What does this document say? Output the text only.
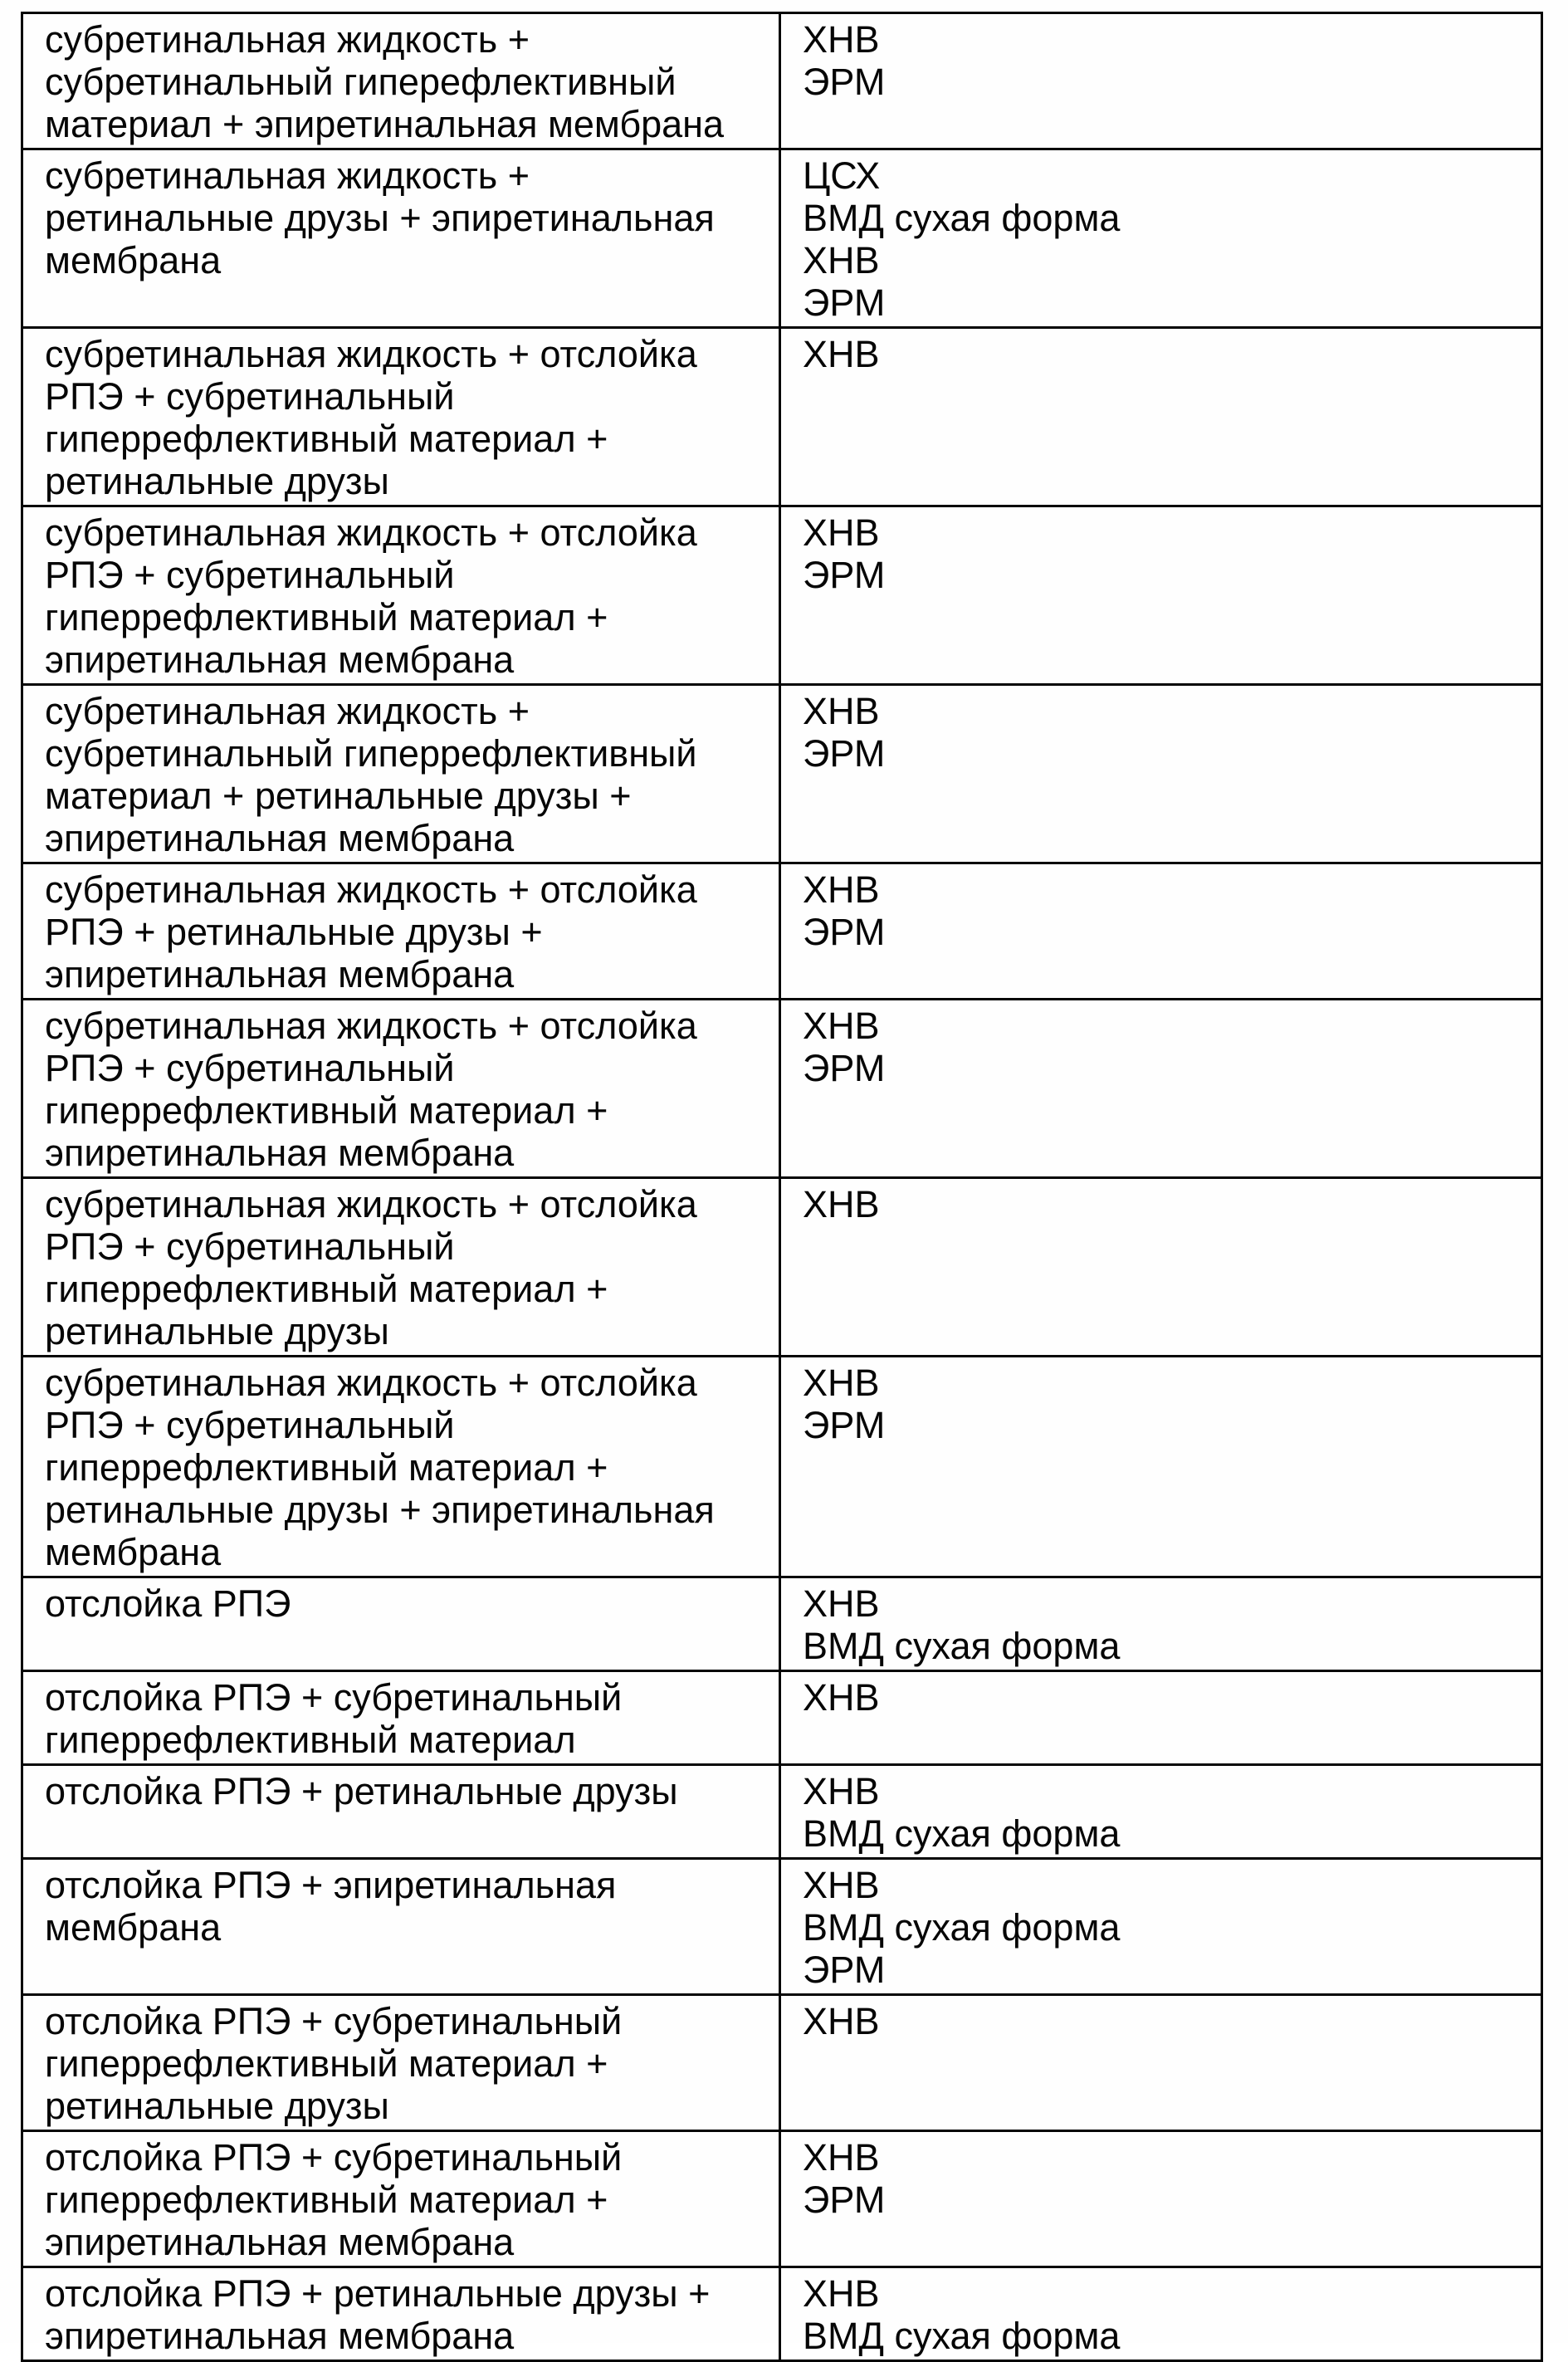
субретинальная жидкость +
субретинальный гиперефлективный
материал + эпиретинальная мембрана	ХНВ
ЭРМ
субретинальная жидкость +
ретинальные друзы + эпиретинальная
мембрана	ЦСХ
ВМД сухая форма
ХНВ
ЭРМ
субретинальная жидкость + отслойка
РПЭ + субретинальный
гиперрефлективный материал +
ретинальные друзы	ХНВ
субретинальная жидкость + отслойка
РПЭ + субретинальный
гиперрефлективный материал +
эпиретинальная мембрана	ХНВ
ЭРМ
субретинальная жидкость +
субретинальный гиперрефлективный
материал + ретинальные друзы +
эпиретинальная мембрана	ХНВ
ЭРМ
субретинальная жидкость + отслойка
РПЭ + ретинальные друзы +
эпиретинальная мембрана	ХНВ
ЭРМ
субретинальная жидкость + отслойка
РПЭ + субретинальный
гиперрефлективный материал +
эпиретинальная мембрана	ХНВ
ЭРМ
субретинальная жидкость + отслойка
РПЭ + субретинальный
гиперрефлективный материал +
ретинальные друзы	ХНВ
субретинальная жидкость + отслойка
РПЭ + субретинальный
гиперрефлективный материал +
ретинальные друзы + эпиретинальная
мембрана	ХНВ
ЭРМ
отслойка РПЭ	ХНВ
ВМД сухая форма
отслойка РПЭ + субретинальный
гиперрефлективный материал	ХНВ
отслойка РПЭ + ретинальные друзы	ХНВ
ВМД сухая форма
отслойка РПЭ + эпиретинальная
мембрана	ХНВ
ВМД сухая форма
ЭРМ
отслойка РПЭ + субретинальный
гиперрефлективный материал +
ретинальные друзы	ХНВ
отслойка РПЭ + субретинальный
гиперрефлективный материал +
эпиретинальная мембрана	ХНВ
ЭРМ
отслойка РПЭ + ретинальные друзы +
эпиретинальная мембрана	ХНВ
ВМД сухая форма
